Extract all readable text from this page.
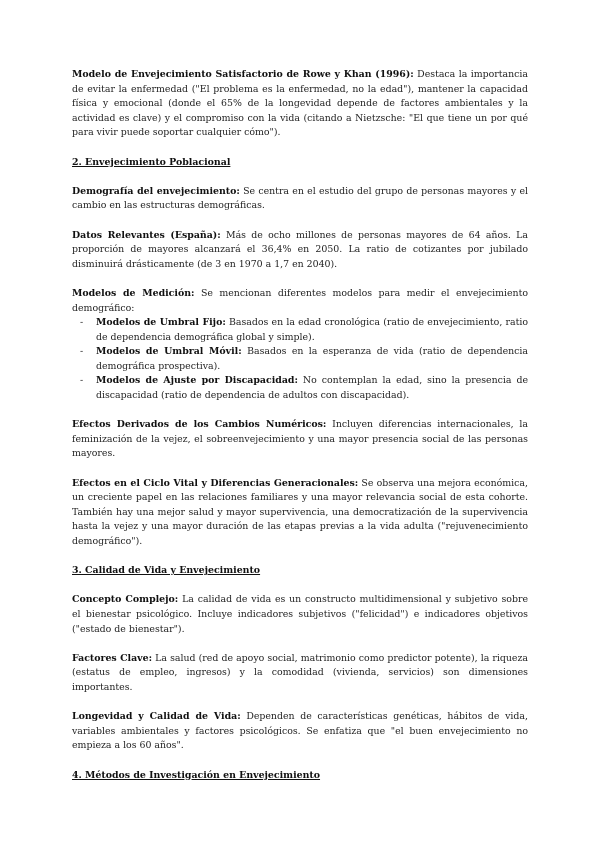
Modelo de Envejecimiento Satisfactorio de Rowe y Khan (1996): Destaca la importancia de evitar la enfermedad ("El problema es la enfermedad, no la edad"), mantener la capacidad física y emocional (donde el 65% de la longevidad depende de factores ambientales y la actividad es clave) y el compromiso con la vida (citando a Nietzsche: "El que tiene un por qué para vivir puede soportar cualquier cómo").

2. Envejecimiento Poblacional

Demografía del envejecimiento: Se centra en el estudio del grupo de personas mayores y el cambio en las estructuras demográficas.

Datos Relevantes (España): Más de ocho millones de personas mayores de 64 años. La proporción de mayores alcanzará el 36,4% en 2050. La ratio de cotizantes por jubilado disminuirá drásticamente (de 3 en 1970 a 1,7 en 2040).

Modelos de Medición: Se mencionan diferentes modelos para medir el envejecimiento demográfico:

- Modelos de Umbral Fijo: Basados en la edad cronológica (ratio de envejecimiento, ratio de dependencia demográfica global y simple).
- Modelos de Umbral Móvil: Basados en la esperanza de vida (ratio de dependencia demográfica prospectiva).
- Modelos de Ajuste por Discapacidad: No contemplan la edad, sino la presencia de discapacidad (ratio de dependencia de adultos con discapacidad).

Efectos Derivados de los Cambios Numéricos: Incluyen diferencias internacionales, la feminización de la vejez, el sobreenvejecimiento y una mayor presencia social de las personas mayores.

Efectos en el Ciclo Vital y Diferencias Generacionales: Se observa una mejora económica, un creciente papel en las relaciones familiares y una mayor relevancia social de esta cohorte. También hay una mejor salud y mayor supervivencia, una democratización de la supervivencia hasta la vejez y una mayor duración de las etapas previas a la vida adulta ("rejuvenecimiento demográfico").

3. Calidad de Vida y Envejecimiento

Concepto Complejo: La calidad de vida es un constructo multidimensional y subjetivo sobre el bienestar psicológico. Incluye indicadores subjetivos ("felicidad") e indicadores objetivos ("estado de bienestar").

Factores Clave: La salud (red de apoyo social, matrimonio como predictor potente), la riqueza (estatus de empleo, ingresos) y la comodidad (vivienda, servicios) son dimensiones importantes.

Longevidad y Calidad de Vida: Dependen de características genéticas, hábitos de vida, variables ambientales y factores psicológicos. Se enfatiza que "el buen envejecimiento no empieza a los 60 años".

4. Métodos de Investigación en Envejecimiento
